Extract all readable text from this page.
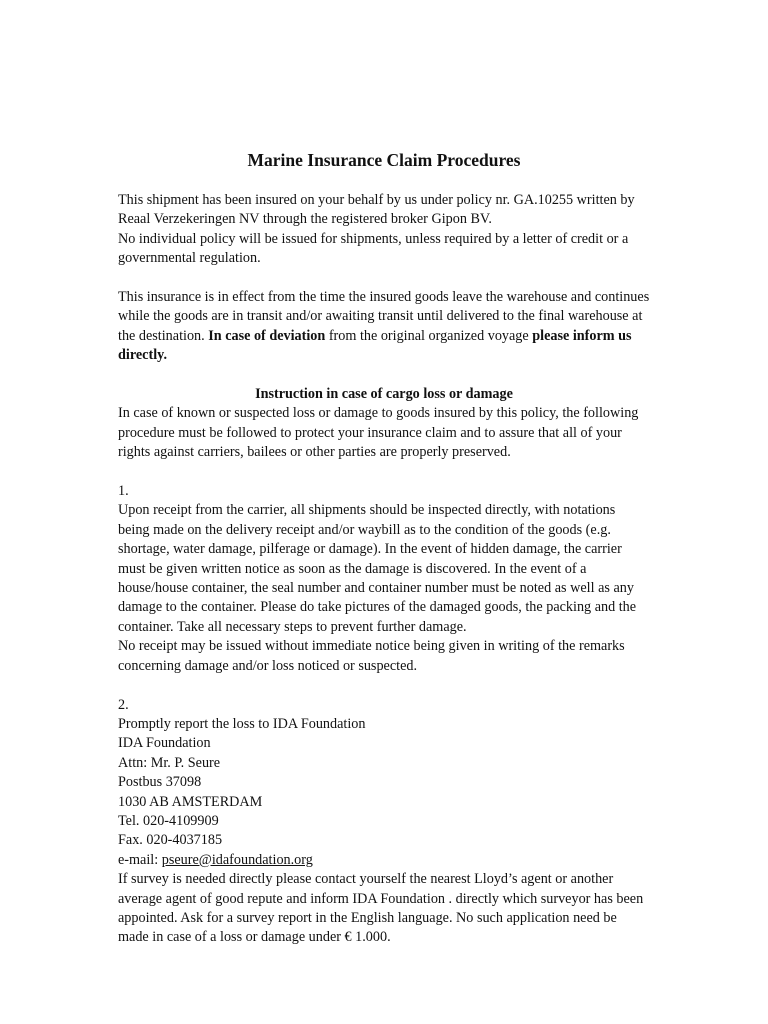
Marine Insurance Claim Procedures

This shipment has been insured on your behalf by us under policy nr. GA.10255 written by Reaal Verzekeringen NV through the registered broker Gipon BV.

No individual policy will be issued for shipments, unless required by a letter of credit or a governmental regulation.

This insurance is in effect from the time the insured goods leave the warehouse and continues while the goods are in transit and/or awaiting transit until delivered to the final warehouse at the destination. In case of deviation from the original organized voyage please inform us directly.

Instruction in case of cargo loss or damage

In case of known or suspected loss or damage to goods insured by this policy, the following procedure must be followed to protect your insurance claim and to assure that all of your rights against carriers, bailees or other parties are properly preserved.

1.

Upon receipt from the carrier, all shipments should be inspected directly, with notations being made on the delivery receipt and/or waybill as to the condition of the goods (e.g. shortage, water damage, pilferage or damage). In the event of hidden damage, the carrier must be given written notice as soon as the damage is discovered. In the event of a house/house container, the seal number and container number must be noted as well as any damage to the container. Please do take pictures of the damaged goods, the packing and the container. Take all necessary steps to prevent further damage.

No receipt may be issued without immediate notice being given in writing of the remarks concerning damage and/or loss noticed or suspected.

2.

Promptly report the loss to IDA Foundation

IDA Foundation

Attn: Mr. P. Seure

Postbus 37098

1030 AB AMSTERDAM

Tel. 020-4109909

Fax. 020-4037185

e-mail: pseure@idafoundation.org

If survey is needed directly please contact yourself the nearest Lloyd’s agent or another average agent of good repute and inform IDA Foundation . directly which surveyor has been appointed. Ask for a survey report in the English language. No such application need be made in case of a loss or damage under € 1.000.
